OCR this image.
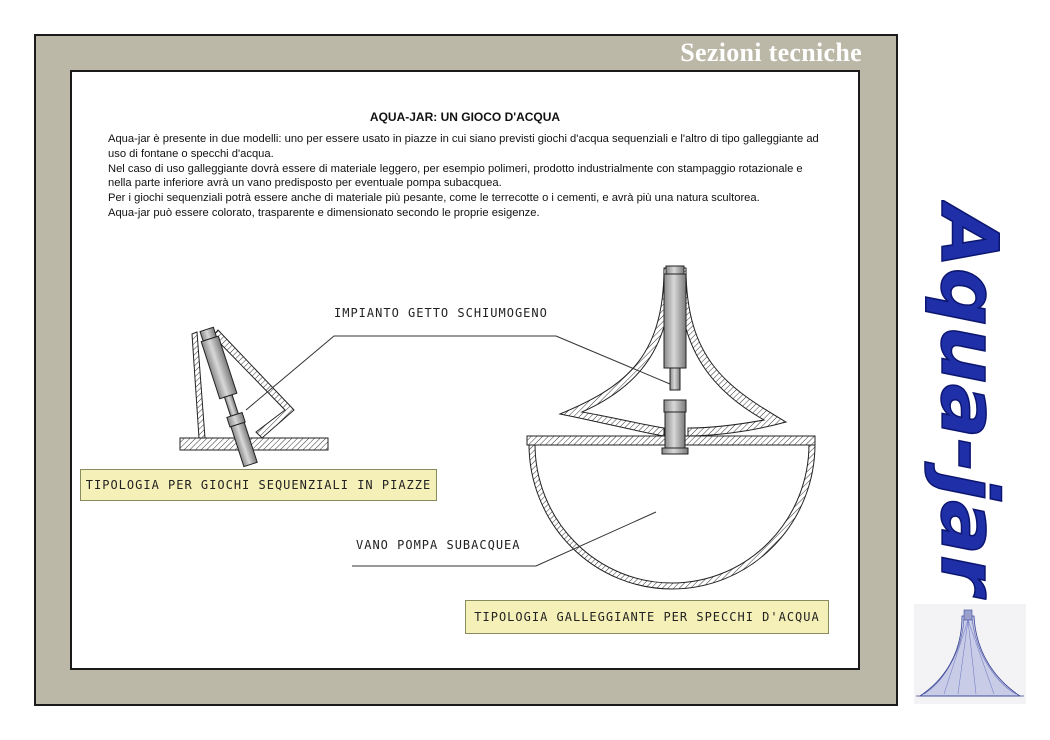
Sezioni tecniche
AQUA-JAR: UN GIOCO D'ACQUA

Aqua-jar è presente in due modelli: uno per essere usato in piazze in cui siano previsti giochi d'acqua sequenziali e l'altro di tipo galleggiante ad uso di fontane o specchi d'acqua.

Nel caso di uso galleggiante dovrà essere di materiale leggero, per esempio polimeri, prodotto industrialmente con stampaggio rotazionale e nella parte inferiore avrà un vano predisposto per eventuale pompa subacquea.

Per i giochi sequenziali potrà essere anche di materiale più pesante, come le terrecotte o i cementi, e avrà più una natura scultorea.

Aqua-jar può essere colorato, trasparente e dimensionato secondo le proprie esigenze.

IMPIANTO GETTO SCHIUMOGENO
VANO POMPA SUBACQUEA
TIPOLOGIA PER GIOCHI SEQUENZIALI IN PIAZZE
TIPOLOGIA GALLEGGIANTE PER SPECCHI D'ACQUA
Aqua-jar
